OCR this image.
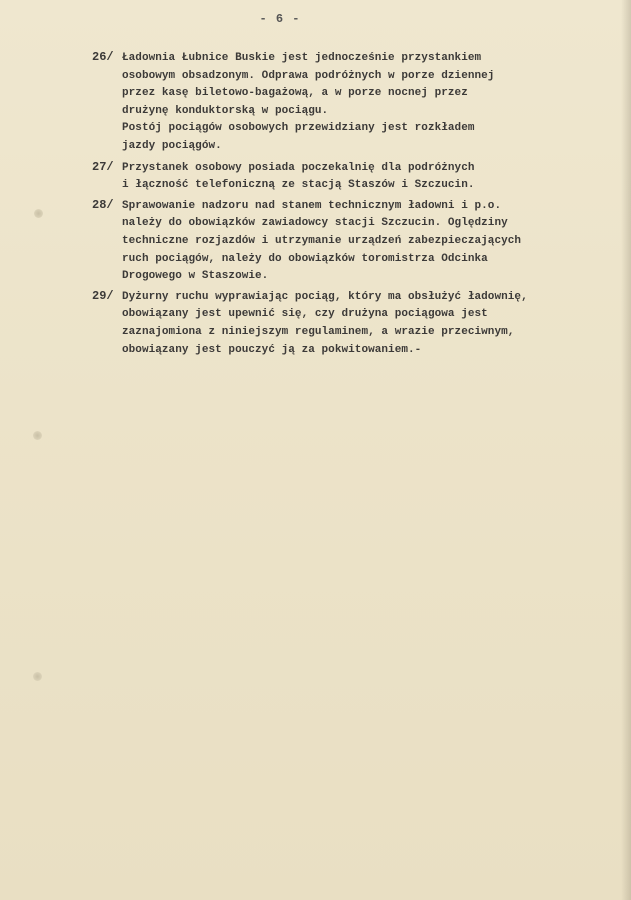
- 6 -
26/ Ładownia Łubnice Buskie jest jednocześnie przystankiem
osobowym obsadzonym. Odprawa podróżnych w porze dziennej
przez kasę biletowo-bagażową, a w porze nocnej przez
drużynę konduktorską w pociągu.
Postój pociągów osobowych przewidziany jest rozkładem
jazdy pociągów.
27/ Przystanek osobowy posiada poczekalnię dla podróżnych
i łączność telefoniczną ze stacją Staszów i Szczucin.
28/ Sprawowanie nadzoru nad stanem technicznym ładowni i p.o.
należy do obowiązków zawiadowcy stacji Szczucin. Oględziny
techniczne rozjazdów i utrzymanie urządzeń zabezpieczających
ruch pociągów, należy do obowiązków toromistrza Odcinka
Drogowego w Staszowie.
29/ Dyżurny ruchu wyprawiając pociąg, który ma obsłużyć ładownię,
obowiązany jest upewnić się, czy drużyna pociągowa jest
zaznajomiona z niniejszym regulaminem, a wrazie przeciwnym,
obowiązany jest pouczyć ją za pokwitowaniem.-
